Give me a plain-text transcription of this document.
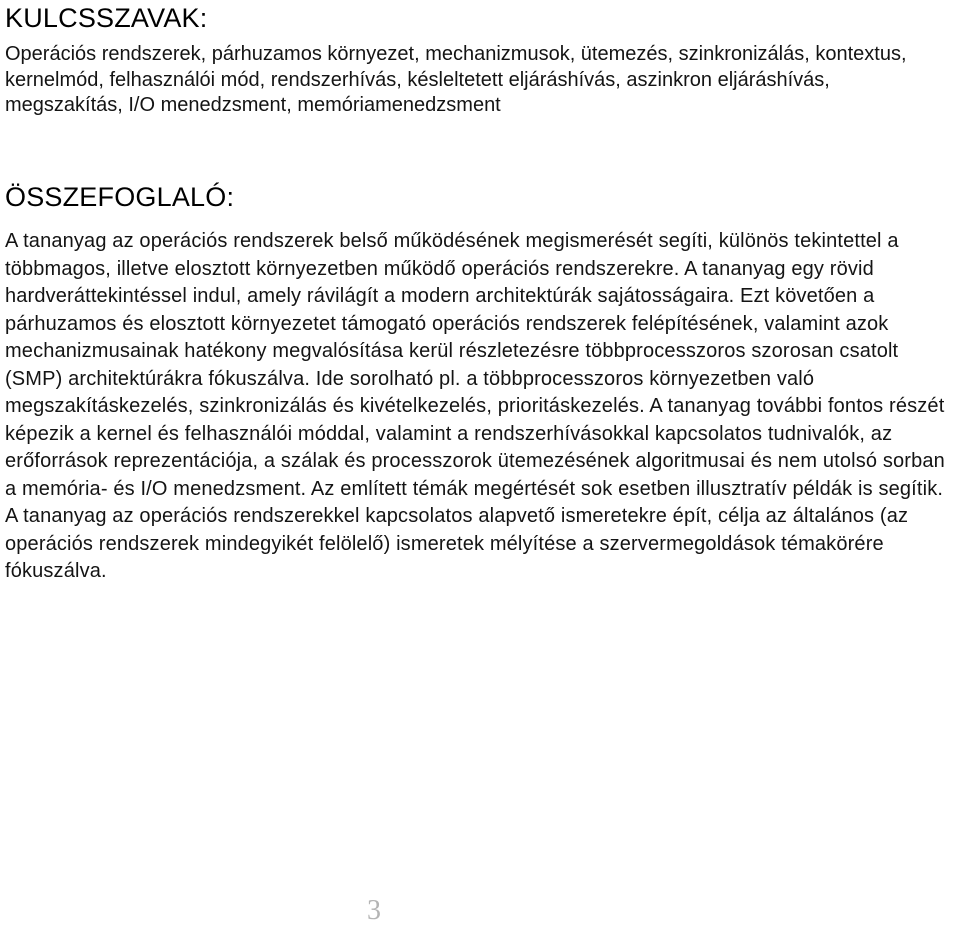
KULCSSZAVAK:

Operációs rendszerek, párhuzamos környezet, mechanizmusok, ütemezés, szinkronizálás, kontextus, kernelmód, felhasználói mód, rendszerhívás, késleltetett eljáráshívás, aszinkron eljáráshívás, megszakítás, I/O menedzsment, memóriamenedzsment

ÖSSZEFOGLALÓ:

A tananyag az operációs rendszerek belső működésének megismerését segíti, különös tekintettel a többmagos, illetve elosztott környezetben működő operációs rendszerekre. A tananyag egy rövid hardveráttekintéssel indul, amely rávilágít a modern architektúrák sajátosságaira. Ezt követően a párhuzamos és elosztott környezetet támogató operációs rendszerek felépítésének, valamint azok mechanizmusainak hatékony megvalósítása kerül részletezésre többprocesszoros szorosan csatolt (SMP) architektúrákra fókuszálva. Ide sorolható pl. a többprocesszoros környezetben való megszakításkezelés, szinkronizálás és kivételkezelés, prioritáskezelés. A tananyag további fontos részét képezik a kernel és felhasználói móddal, valamint a rendszerhívásokkal kapcsolatos tudnivalók, az erőforrások reprezentációja, a szálak és processzorok ütemezésének algoritmusai és nem utolsó sorban a memória- és I/O menedzsment. Az említett témák megértését sok esetben illusztratív példák is segítik. A tananyag az operációs rendszerekkel kapcsolatos alapvető ismeretekre épít, célja az általános (az operációs rendszerek mindegyikét felölelő) ismeretek mélyítése a szervermegoldások témakörére fókuszálva.

3
